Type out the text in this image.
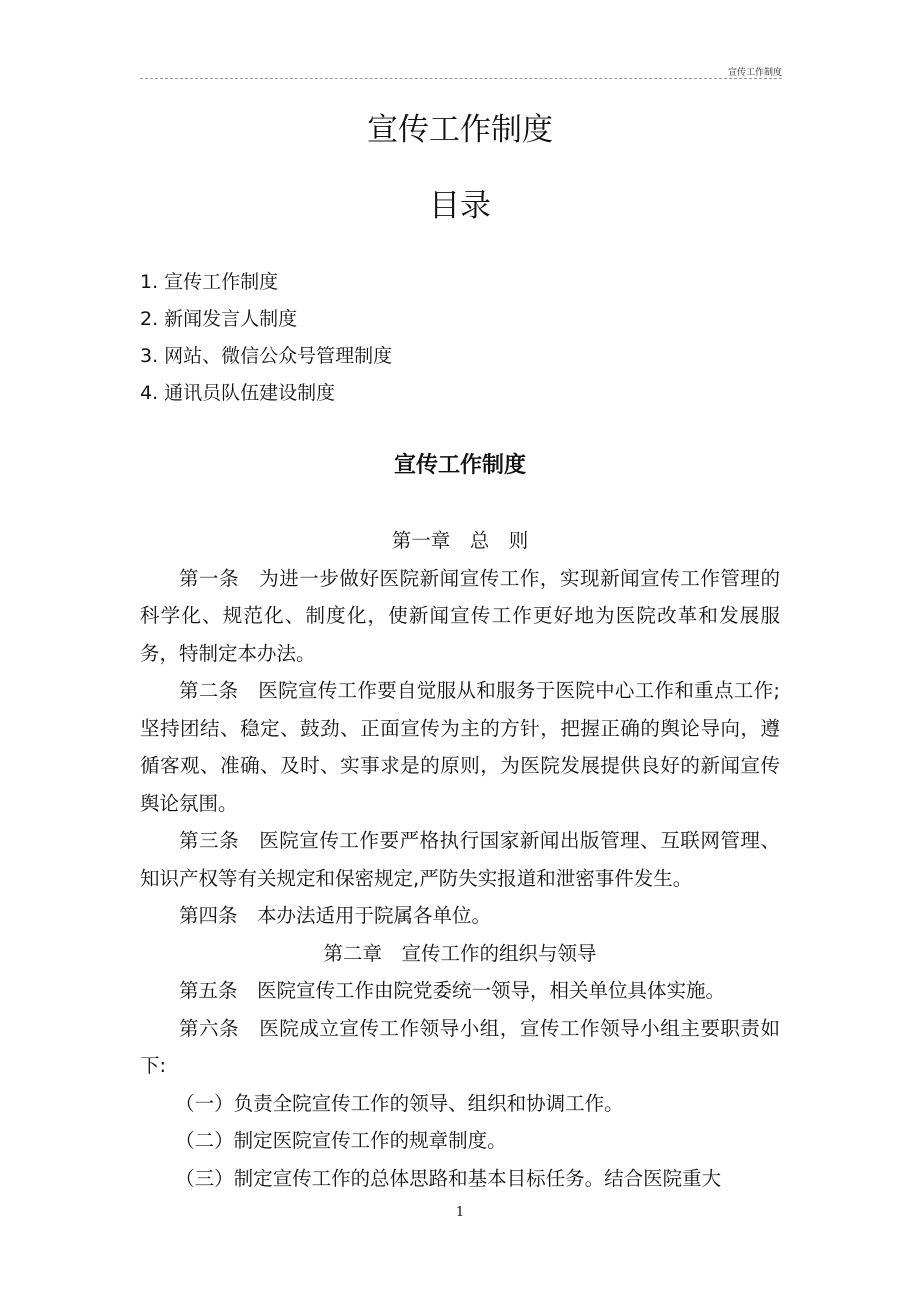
宣传工作制度
宣传工作制度
目录
1. 宣传工作制度
2. 新闻发言人制度
3. 网站、微信公众号管理制度
4. 通讯员队伍建设制度
宣传工作制度

第一章　总　则

第一条　为进一步做好医院新闻宣传工作，实现新闻宣传工作管理的科学化、规范化、制度化，使新闻宣传工作更好地为医院改革和发展服务，特制定本办法。

第二条　医院宣传工作要自觉服从和服务于医院中心工作和重点工作; 坚持团结、稳定、鼓劲、正面宣传为主的方针，把握正确的舆论导向，遵循客观、准确、及时、实事求是的原则，为医院发展提供良好的新闻宣传舆论氛围。

第三条　医院宣传工作要严格执行国家新闻出版管理、互联网管理、知识产权等有关规定和保密规定,严防失实报道和泄密事件发生。

第四条　本办法适用于院属各单位。

第二章　宣传工作的组织与领导

第五条　医院宣传工作由院党委统一领导，相关单位具体实施。

第六条　医院成立宣传工作领导小组，宣传工作领导小组主要职责如下:

（一）负责全院宣传工作的领导、组织和协调工作。

（二）制定医院宣传工作的规章制度。

（三）制定宣传工作的总体思路和基本目标任务。结合医院重大

1
